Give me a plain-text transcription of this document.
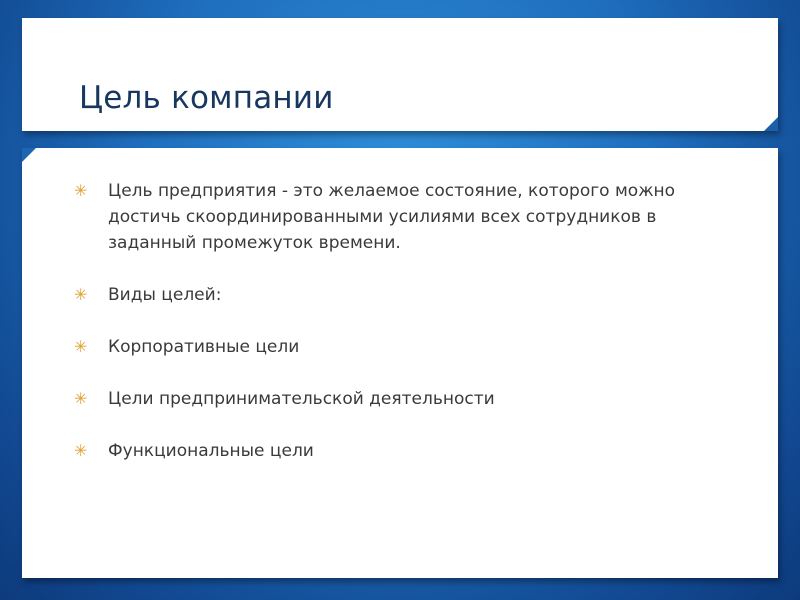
Цель компании
✳ Цель предприятия - это желаемое состояние, которого можно достичь скоординированными усилиями всех сотрудников в заданный промежуток времени.
✳ Виды целей:
✳ Корпоративные цели
✳ Цели предпринимательской деятельности
✳ Функциональные цели
